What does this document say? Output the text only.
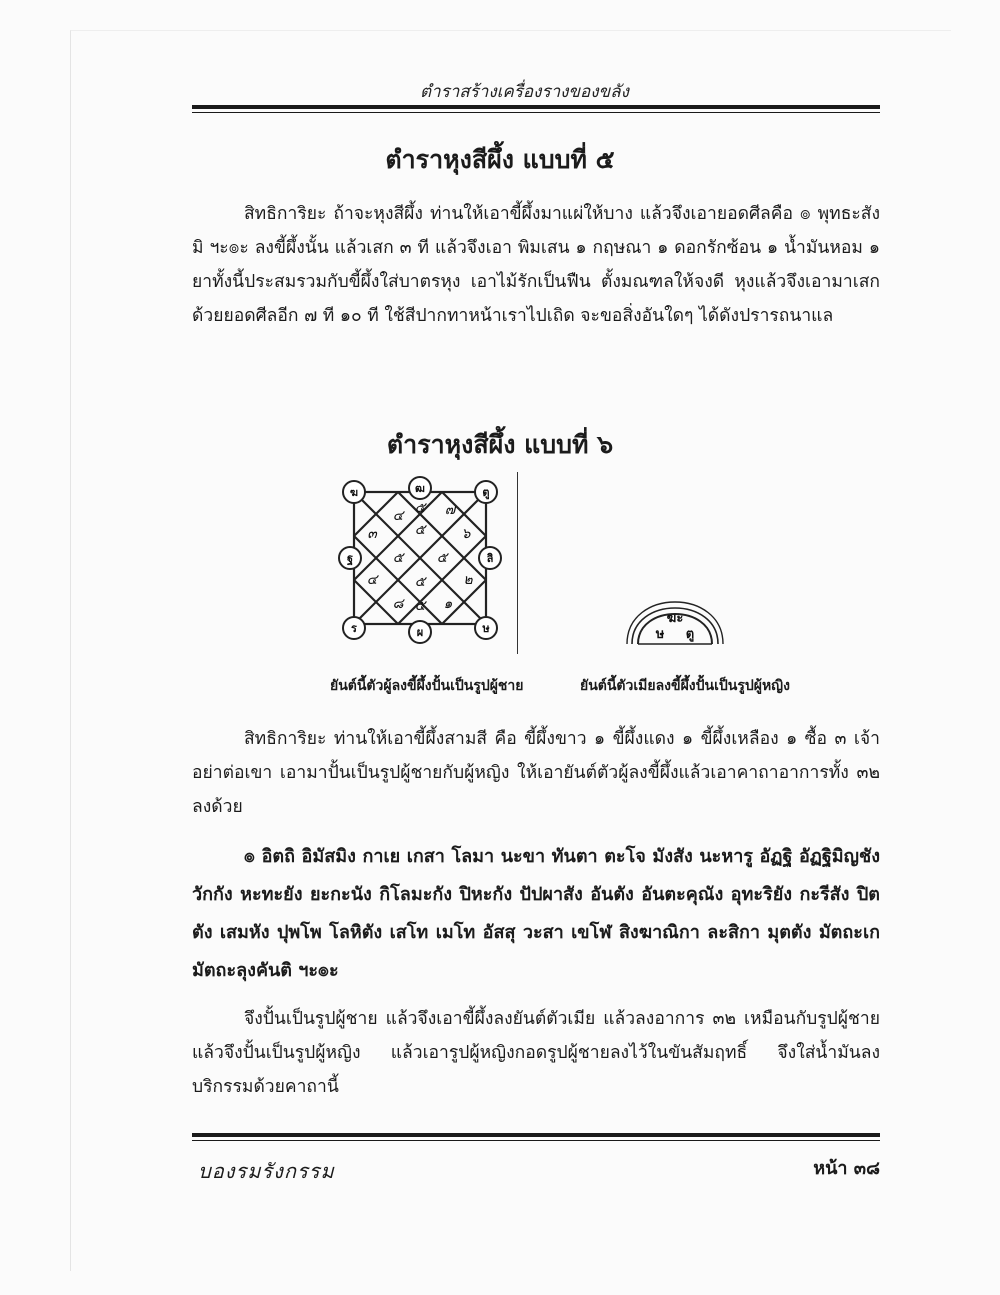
ตำราสร้างเครื่องรางของขลัง
ตำราหุงสีผึ้ง แบบที่ ๕
สิทธิการิยะ ถ้าจะหุงสีผึ้ง ท่านให้เอาขี้ผึ้งมาแผ่ให้บาง แล้วจึงเอายอดศีลคือ ๏ พุทธะสังมิ ฯะ๏ะ ลงขี้ผึ้งนั้น แล้วเสก ๓ ที แล้วจึงเอา พิมเสน ๑ กฤษณา ๑ ดอกรักซ้อน ๑ น้ำมันหอม ๑ ยาทั้งนี้ประสมรวมกับขี้ผึ้งใส่บาตรหุง เอาไม้รักเป็นฟืน ตั้งมณฑลให้จงดี หุงแล้วจึงเอามาเสกด้วยยอดศีลอีก ๗ ที ๑๐ ที ใช้สีปากทาหน้าเราไปเถิด จะขอสิ่งอันใดๆ ได้ดังปรารถนาแล
ตำราหุงสีผึ้ง แบบที่ ๖
ฆ	ฒ	ตู
ฐ	ลิ
ร	ผ	ษ
๔ ๕ ๗
๓	๕	๖
๕ ๕
๔	๕	๒
๘ ๕ ๑
ฆะ
ษ ตู
ยันต์นี้ตัวผู้ลงขี้ผึ้งปั้นเป็นรูปผู้ชาย	ยันต์นี้ตัวเมียลงขี้ผึ้งปั้นเป็นรูปผู้หญิง
สิทธิการิยะ ท่านให้เอาขี้ผึ้งสามสี คือ ขี้ผึ้งขาว ๑ ขี้ผึ้งแดง ๑ ขี้ผึ้งเหลือง ๑ ซื้อ ๓ เจ้าอย่าต่อเขา เอามาปั้นเป็นรูปผู้ชายกับผู้หญิง ให้เอายันต์ตัวผู้ลงขี้ผึ้งแล้วเอาคาถาอาการทั้ง ๓๒ ลงด้วย
๏ อิตถิ อิมัสมิง กาเย เกสา โลมา นะขา ทันตา ตะโจ มังสัง นะหารู อัฏฐิ อัฏฐิมิญชัง วักกัง หะทะยัง ยะกะนัง กิโลมะกัง ปิหะกัง ปัปผาสัง อันตัง อันตะคุณัง อุทะริยัง กะรีสัง ปิตตัง เสมหัง ปุพโพ โลหิตัง เสโท เมโท อัสสุ วะสา เขโฬ สิงฆาณิกา ละสิกา มุตตัง มัตถะเก มัตถะลุงคันติ ฯะ๏ะ
จึงปั้นเป็นรูปผู้ชาย แล้วจึงเอาขี้ผึ้งลงยันต์ตัวเมีย แล้วลงอาการ ๓๒ เหมือนกับรูปผู้ชาย แล้วจึงปั้นเป็นรูปผู้หญิง แล้วเอารูปผู้หญิงกอดรูปผู้ชายลงไว้ในขันสัมฤทธิ์ จึงใส่น้ำมันลงบริกรรมด้วยคาถานี้
บองรมรังกรรม	หน้า ๓๘
